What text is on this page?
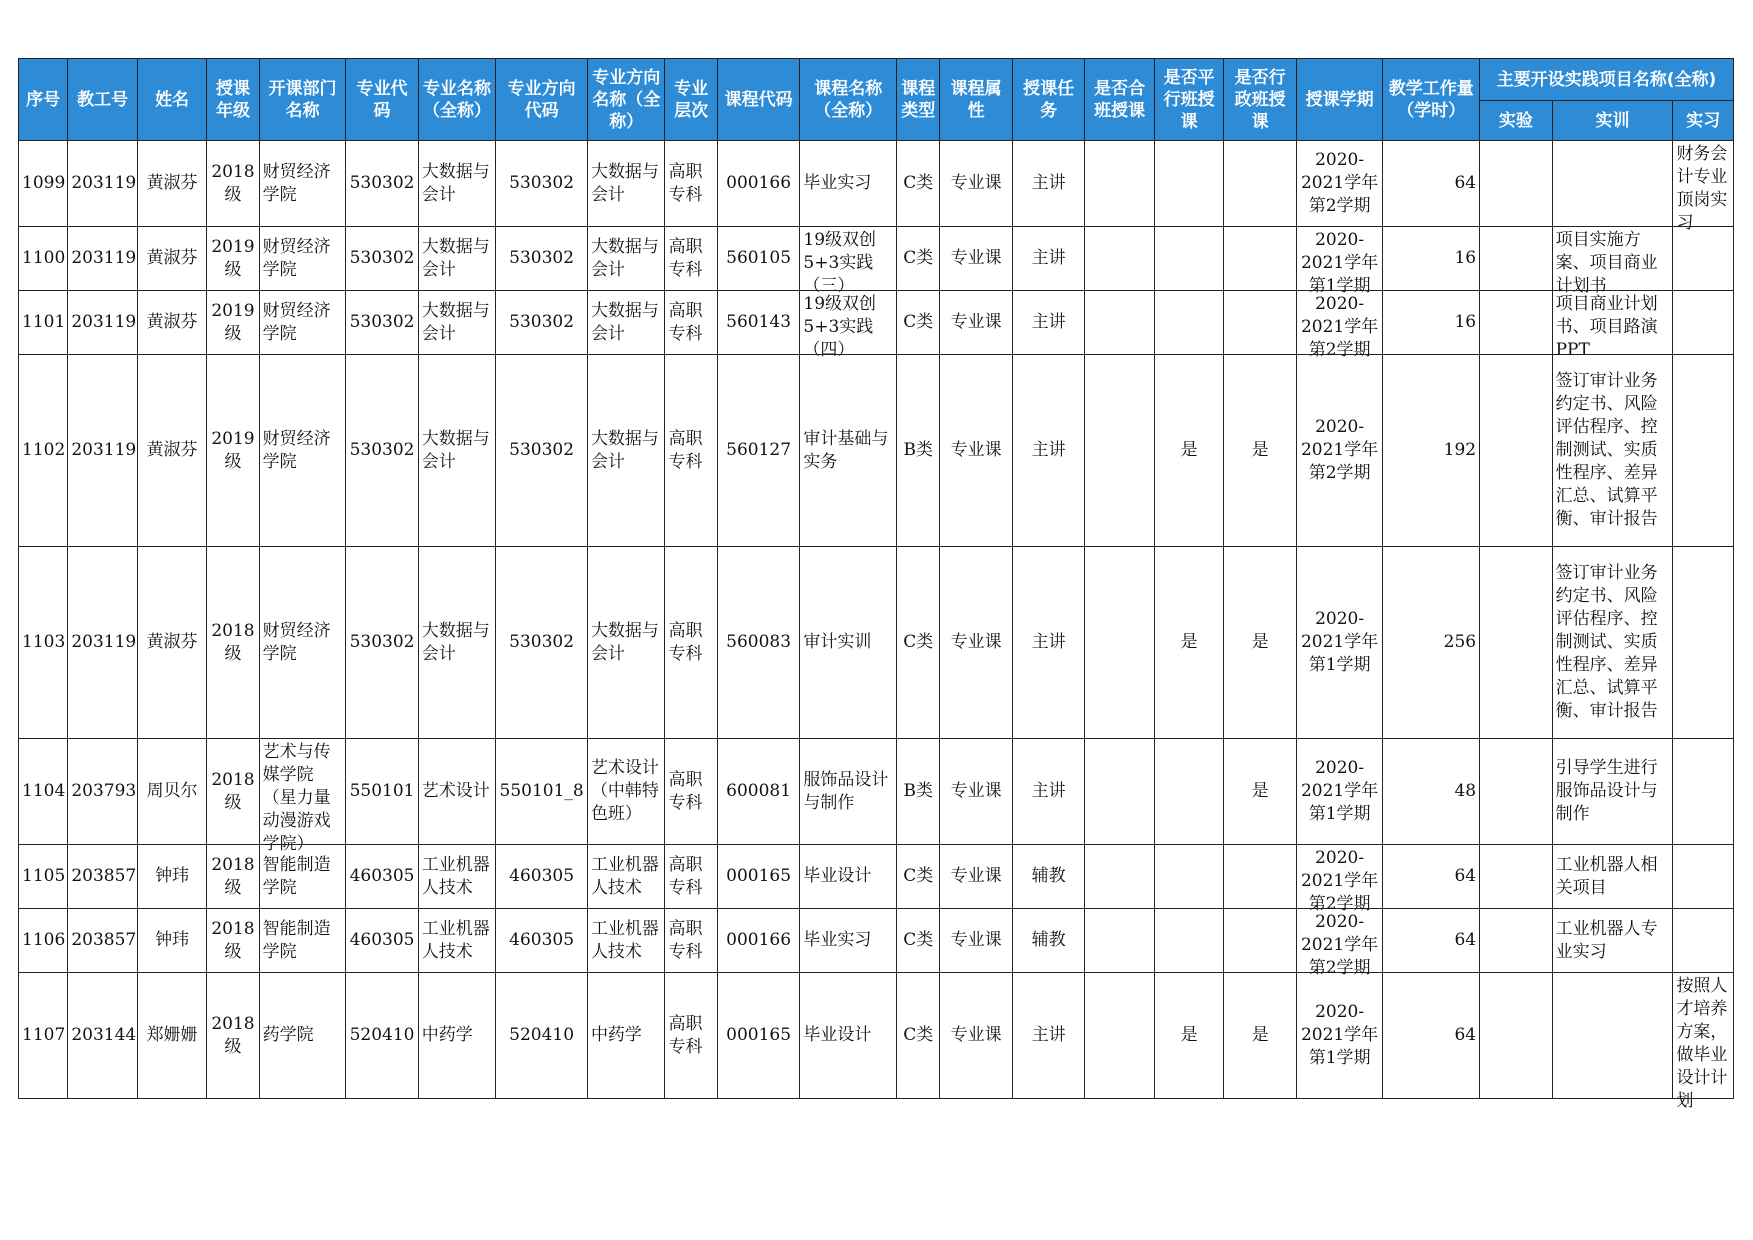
序号	教工号	姓名	授课年级	开课部门名称	专业代码	专业名称（全称）	专业方向代码	专业方向名称（全称）	专业层次	课程代码	课程名称（全称）	课程类型	课程属性	授课任务	是否合班授课	是否平行班授课	是否行政班授课	授课学期	教学工作量（学时）	主要开设实践项目名称(全称)		
																				实验	实训	实习

1099	203119	黄淑芬	2018级	财贸经济学院	530302	大数据与会计	530302	大数据与会计	高职专科	000166	毕业实习	C类	专业课	主讲				2020-2021学年第2学期	64			财务会计专业顶岗实习

1100	203119	黄淑芬	2019级	财贸经济学院	530302	大数据与会计	530302	大数据与会计	高职专科	560105	19级双创5+3实践（三）	C类	专业课	主讲				2020-2021学年第1学期	16		项目实施方案、项目商业计划书	

1101	203119	黄淑芬	2019级	财贸经济学院	530302	大数据与会计	530302	大数据与会计	高职专科	560143	19级双创5+3实践（四）	C类	专业课	主讲				2020-2021学年第2学期	16		项目商业计划书、项目路演PPT	

1102	203119	黄淑芬	2019级	财贸经济学院	530302	大数据与会计	530302	大数据与会计	高职专科	560127	审计基础与实务	B类	专业课	主讲		是	是	2020-2021学年第2学期	192		签订审计业务约定书、风险评估程序、控制测试、实质性程序、差异汇总、试算平衡、审计报告	

1103	203119	黄淑芬	2018级	财贸经济学院	530302	大数据与会计	530302	大数据与会计	高职专科	560083	审计实训	C类	专业课	主讲		是	是	2020-2021学年第1学期	256		签订审计业务约定书、风险评估程序、控制测试、实质性程序、差异汇总、试算平衡、审计报告	

1104	203793	周贝尔	2018级	艺术与传媒学院（星力量动漫游戏学院）	550101	艺术设计	550101_8	艺术设计（中韩特色班）	高职专科	600081	服饰品设计与制作	B类	专业课	主讲			是	2020-2021学年第1学期	48		引导学生进行服饰品设计与制作	

1105	203857	钟玮	2018级	智能制造学院	460305	工业机器人技术	460305	工业机器人技术	高职专科	000165	毕业设计	C类	专业课	辅教				2020-2021学年第2学期	64		工业机器人相关项目	

1106	203857	钟玮	2018级	智能制造学院	460305	工业机器人技术	460305	工业机器人技术	高职专科	000166	毕业实习	C类	专业课	辅教				2020-2021学年第2学期	64		工业机器人专业实习	

1107	203144	郑姗姗	2018级	药学院	520410	中药学	520410	中药学	高职专科	000165	毕业设计	C类	专业课	主讲		是	是	2020-2021学年第1学期	64			按照人才培养方案，做毕业设计计划
